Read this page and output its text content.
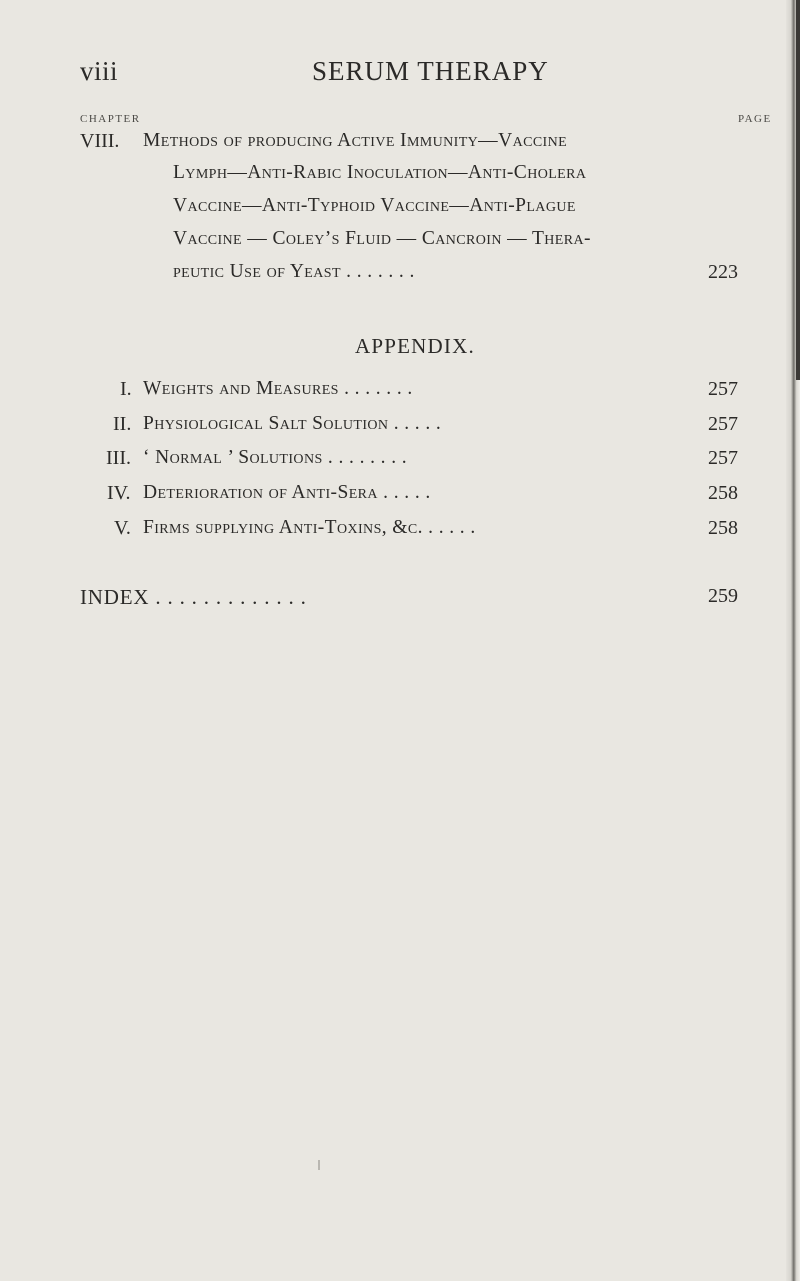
viii	SERUM THERAPY
CHAPTER	PAGE
VIII. Methods of producing Active Immunity—Vaccine
Lymph—Anti-Rabic Inoculation—Anti-Cholera
Vaccine—Anti-Typhoid Vaccine—Anti-Plague
Vaccine — Coley’s Fluid — Cancroin — Thera-
peutic Use of Yeast . . . . . . .	223
APPENDIX.
I. Weights and Measures . . . . . . .	257
II. Physiological Salt Solution . . . . .	257
III. ‘ Normal ’ Solutions . . . . . . . .	257
IV. Deterioration of Anti-Sera . . . . .	258
V. Firms supplying Anti-Toxins, &c. . . . . .	258
INDEX . . . . . . . . . . . . .	259
